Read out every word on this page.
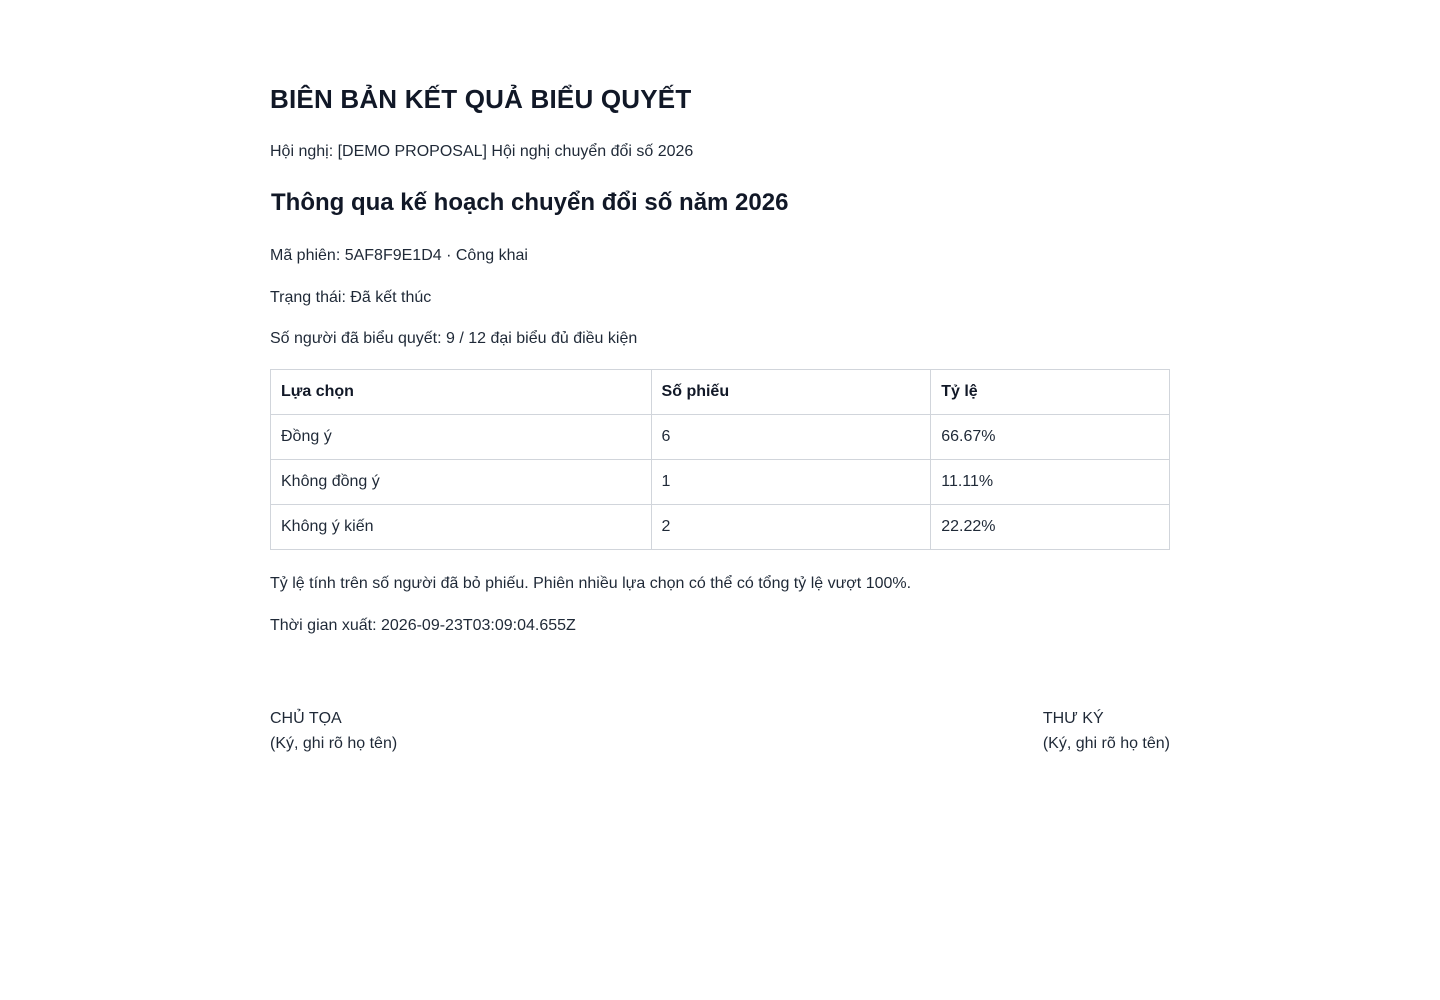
BIÊN BẢN KẾT QUẢ BIỂU QUYẾT

Hội nghị: [DEMO PROPOSAL] Hội nghị chuyển đổi số 2026

Thông qua kế hoạch chuyển đổi số năm 2026

Mã phiên: 5AF8F9E1D4 · Công khai

Trạng thái: Đã kết thúc

Số người đã biểu quyết: 9 / 12 đại biểu đủ điều kiện

Lựa chọn	Số phiếu	Tỷ lệ
Đồng ý	6	66.67%
Không đồng ý	1	11.11%
Không ý kiến	2	22.22%

Tỷ lệ tính trên số người đã bỏ phiếu. Phiên nhiều lựa chọn có thể có tổng tỷ lệ vượt 100%.

Thời gian xuất: 2026-09-23T03:09:04.655Z

CHỦ TỌA
(Ký, ghi rõ họ tên)
THƯ KÝ
(Ký, ghi rõ họ tên)
